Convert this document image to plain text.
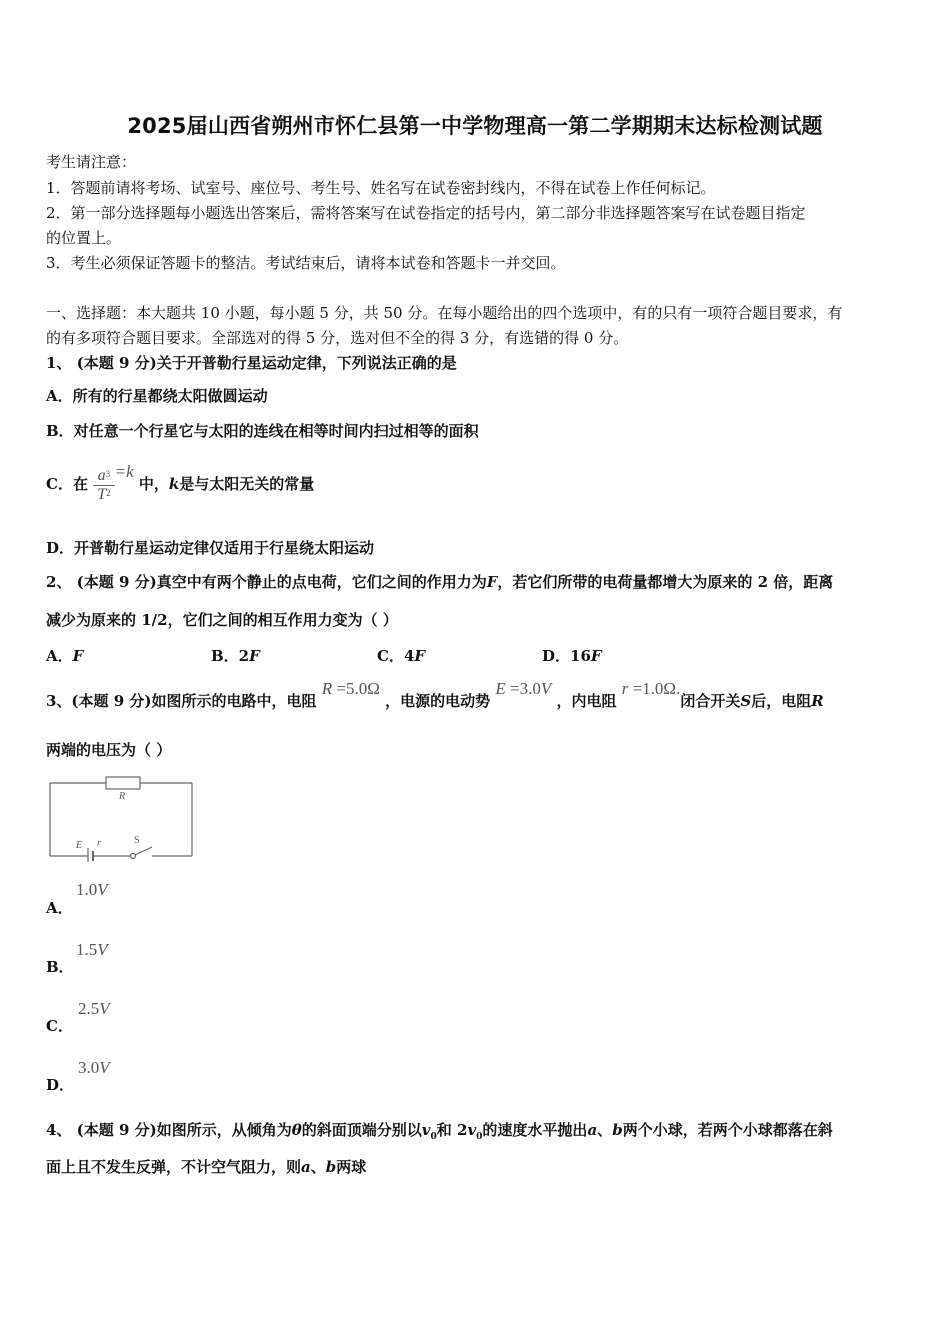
2025届山西省朔州市怀仁县第一中学物理高一第二学期期末达标检测试题
考生请注意：
1．答题前请将考场、试室号、座位号、考生号、姓名写在试卷密封线内，不得在试卷上作任何标记。
2．第一部分选择题每小题选出答案后，需将答案写在试卷指定的括号内，第二部分非选择题答案写在试卷题目指定
的位置上。
3．考生必须保证答题卡的整洁。考试结束后，请将本试卷和答题卡一并交回。
一、选择题：本大题共 10 小题，每小题 5 分，共 50 分。在每小题给出的四个选项中，有的只有一项符合题目要求，有
的有多项符合题目要求。全部选对的得 5 分，选对但不全的得 3 分，有选错的得 0 分。
1、 (本题 9 分)关于开普勒行星运动定律，下列说法正确的是
A．所有的行星都绕太阳做圆运动
B．对任意一个行星它与太阳的连线在相等时间内扫过相等的面积
C．在 $\frac{a^3}{T^2} =k$ 中，k是与太阳无关的常量
D．开普勒行星运动定律仅适用于行星绕太阳运动
2、 (本题 9 分)真空中有两个静止的点电荷，它们之间的作用力为F，若它们所带的电荷量都增大为原来的 2 倍，距离
减少为原来的 1/2，它们之间的相互作用力变为（ ）
A．F	B．2F	C．4F	D．16F
3、(本题 9 分)如图所示的电路中，电阻 R =5.0Ω ，电源的电动势 E =3.0V ，内电阻 r =1.0Ω.闭合开关S后，电阻R
两端的电压为（ ）
R
E r	S
A．
1.0V
B．
1.5V
C．
2.5V
D．
3.0V
4、 (本题 9 分)如图所示，从倾角为θ的斜面顶端分别以$v_0$和 $2v_0$的速度水平抛出a、b两个小球，若两个小球都落在斜
面上且不发生反弹，不计空气阻力，则a、b两球
